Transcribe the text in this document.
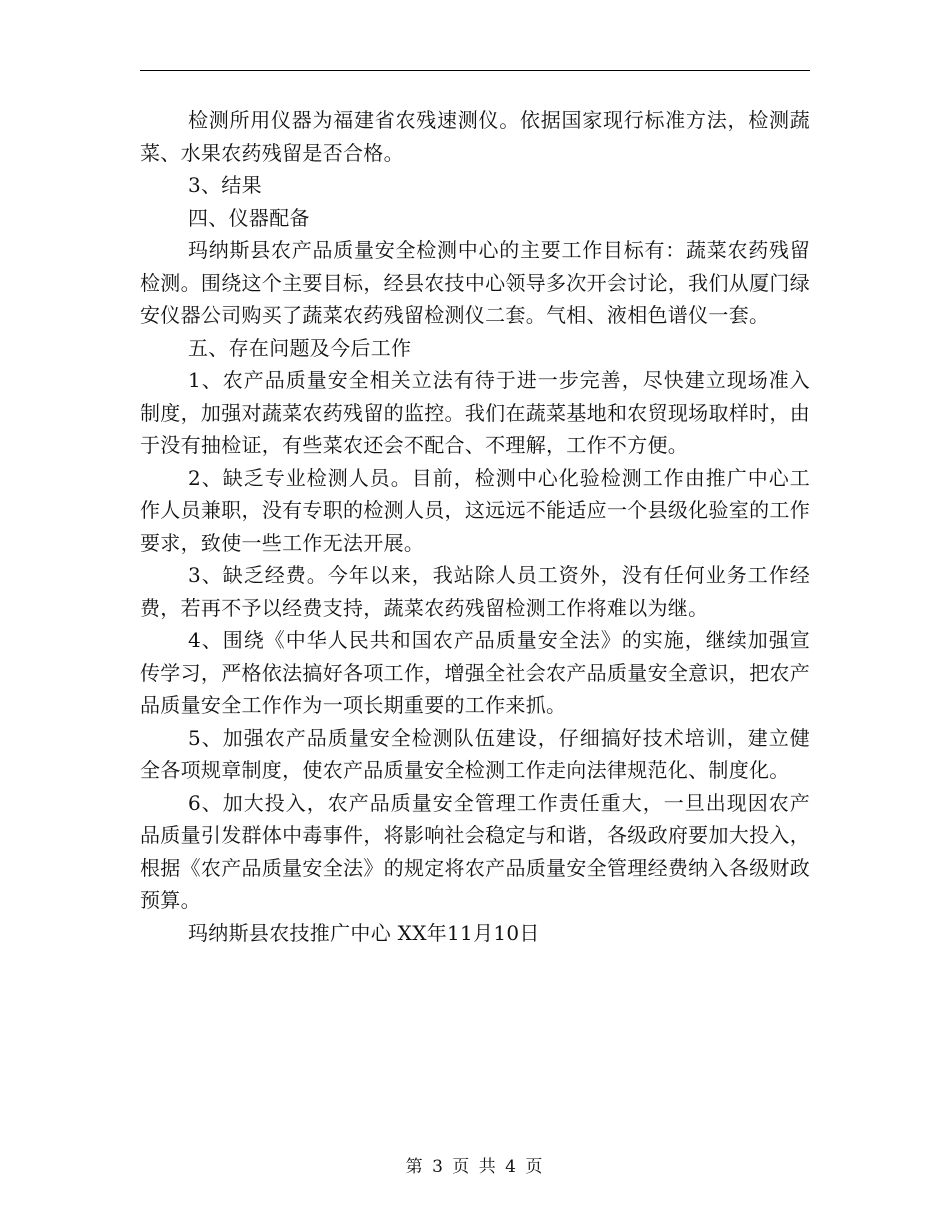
检测所用仪器为福建省农残速测仪。依据国家现行标准方法，检测蔬菜、水果农药残留是否合格。

3、结果

四、仪器配备

玛纳斯县农产品质量安全检测中心的主要工作目标有：蔬菜农药残留检测。围绕这个主要目标，经县农技中心领导多次开会讨论，我们从厦门绿安仪器公司购买了蔬菜农药残留检测仪二套。气相、液相色谱仪一套。

五、存在问题及今后工作

1、农产品质量安全相关立法有待于进一步完善，尽快建立现场准入制度，加强对蔬菜农药残留的监控。我们在蔬菜基地和农贸现场取样时，由于没有抽检证，有些菜农还会不配合、不理解，工作不方便。

2、缺乏专业检测人员。目前，检测中心化验检测工作由推广中心工作人员兼职，没有专职的检测人员，这远远不能适应一个县级化验室的工作要求，致使一些工作无法开展。

3、缺乏经费。今年以来，我站除人员工资外，没有任何业务工作经费，若再不予以经费支持，蔬菜农药残留检测工作将难以为继。

4、围绕《中华人民共和国农产品质量安全法》的实施，继续加强宣传学习，严格依法搞好各项工作，增强全社会农产品质量安全意识，把农产品质量安全工作作为一项长期重要的工作来抓。

5、加强农产品质量安全检测队伍建设，仔细搞好技术培训，建立健全各项规章制度，使农产品质量安全检测工作走向法律规范化、制度化。

6、加大投入，农产品质量安全管理工作责任重大，一旦出现因农产品质量引发群体中毒事件，将影响社会稳定与和谐，各级政府要加大投入，根据《农产品质量安全法》的规定将农产品质量安全管理经费纳入各级财政预算。

玛纳斯县农技推广中心 XX年11月10日

第 3 页 共 4 页
